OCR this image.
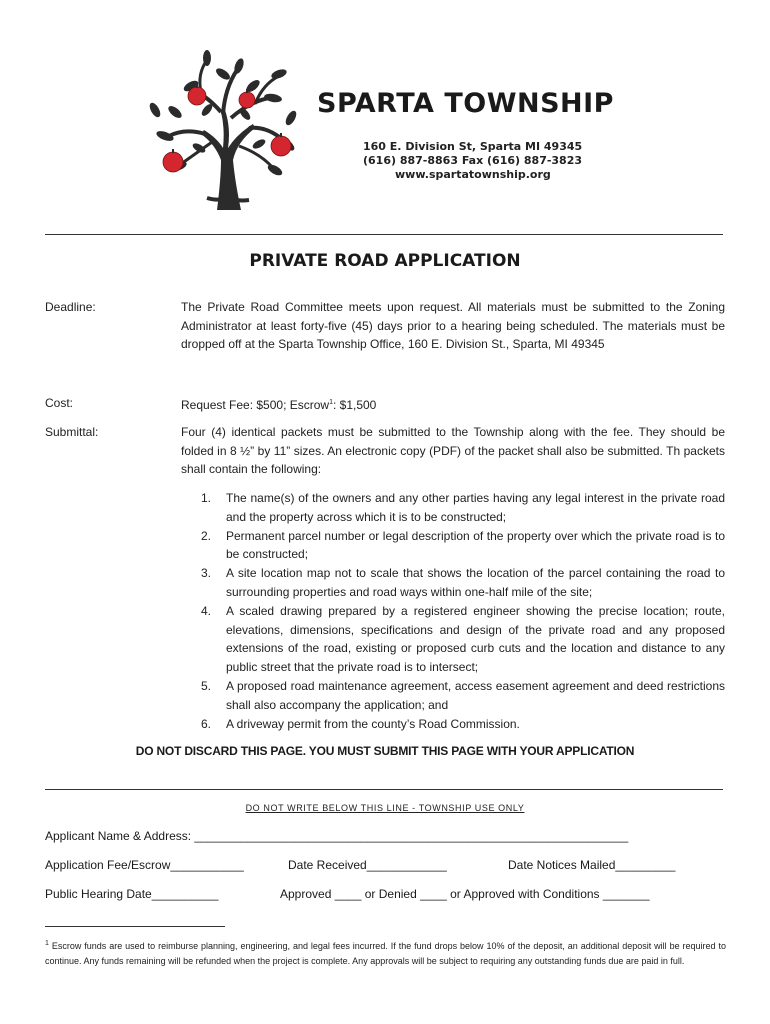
SPARTA TOWNSHIP
160 E. Division St, Sparta MI 49345
(616) 887-8863 Fax (616) 887-3823
www.spartatownship.org
PRIVATE ROAD APPLICATION
Deadline:	The Private Road Committee meets upon request. All materials must be submitted to the Zoning Administrator at least forty-five (45) days prior to a hearing being scheduled. The materials must be dropped off at the Sparta Township Office, 160 E. Division St., Sparta, MI 49345
Cost:	Request Fee: $500; Escrow$^1$: $1,500
Submittal:	Four (4) identical packets must be submitted to the Township along with the fee. They should be folded in 8 ½” by 11” sizes. An electronic copy (PDF) of the packet shall also be submitted. Th packets shall contain the following:
1. The name(s) of the owners and any other parties having any legal interest in the private road and the property across which it is to be constructed;
2. Permanent parcel number or legal description of the property over which the private road is to be constructed;
3. A site location map not to scale that shows the location of the parcel containing the road to surrounding properties and road ways within one-half mile of the site;
4. A scaled drawing prepared by a registered engineer showing the precise location; route, elevations, dimensions, specifications and design of the private road and any proposed extensions of the road, existing or proposed curb cuts and the location and distance to any public street that the private road is to intersect;
5. A proposed road maintenance agreement, access easement agreement and deed restrictions shall also accompany the application; and
6. A driveway permit from the county’s Road Commission.
DO NOT DISCARD THIS PAGE. YOU MUST SUBMIT THIS PAGE WITH YOUR APPLICATION
DO NOT WRITE BELOW THIS LINE - TOWNSHIP USE ONLY
Applicant Name & Address: _________________________________________________________________
Application Fee/Escrow___________	Date Received____________	Date Notices Mailed_________
Public Hearing Date__________	Approved ____ or Denied ____ or Approved with Conditions _______
$^1$ Escrow funds are used to reimburse planning, engineering, and legal fees incurred. If the fund drops below 10% of the deposit, an additional deposit will be required to continue. Any funds remaining will be refunded when the project is complete. Any approvals will be subject to requiring any outstanding funds due are paid in full.
